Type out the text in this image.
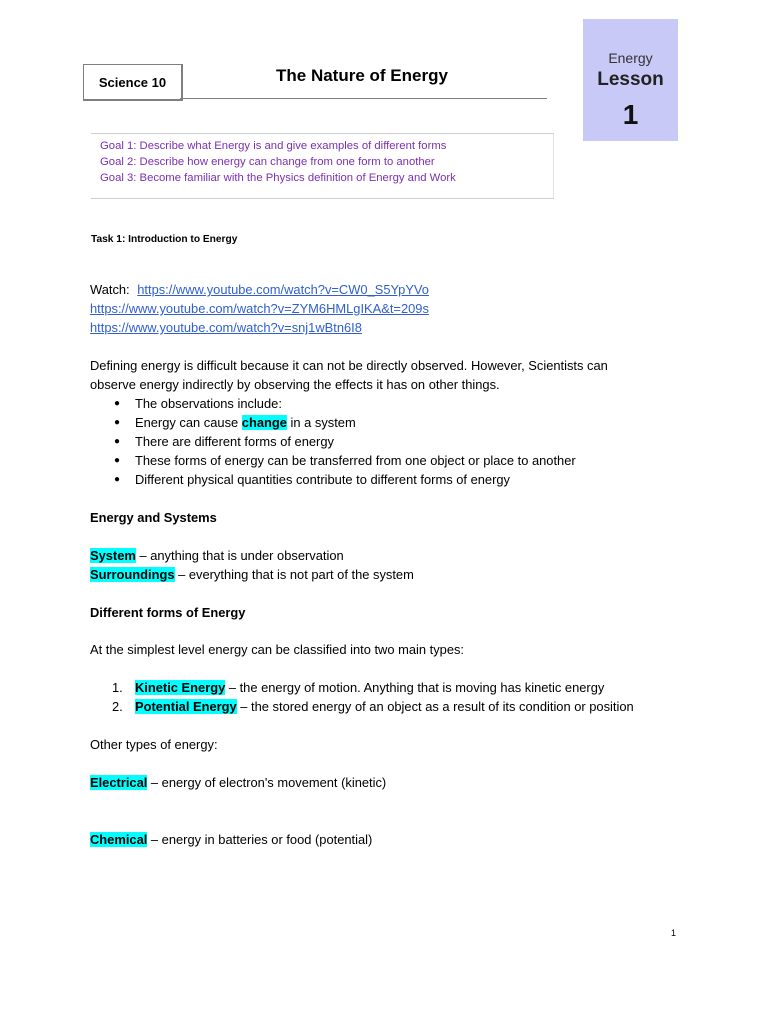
Science 10	The Nature of Energy
Energy
Lesson
1
Goal 1: Describe what Energy is and give examples of different forms
Goal 2: Describe how energy can change from one form to another
Goal 3: Become familiar with the Physics definition of Energy and Work
Task 1: Introduction to Energy
Watch: https://www.youtube.com/watch?v=CW0_S5YpYVo
https://www.youtube.com/watch?v=ZYM6HMLgIKA&t=209s
https://www.youtube.com/watch?v=snj1wBtn6I8
Defining energy is difficult because it can not be directly observed. However, Scientists can
observe energy indirectly by observing the effects it has on other things.
● The observations include:
● Energy can cause change in a system
● There are different forms of energy
● These forms of energy can be transferred from one object or place to another
● Different physical quantities contribute to different forms of energy
Energy and Systems
System – anything that is under observation
Surroundings – everything that is not part of the system
Different forms of Energy
At the simplest level energy can be classified into two main types:
1. Kinetic Energy – the energy of motion. Anything that is moving has kinetic energy
2. Potential Energy – the stored energy of an object as a result of its condition or position
Other types of energy:
Electrical – energy of electron's movement (kinetic)
Chemical – energy in batteries or food (potential)
1
